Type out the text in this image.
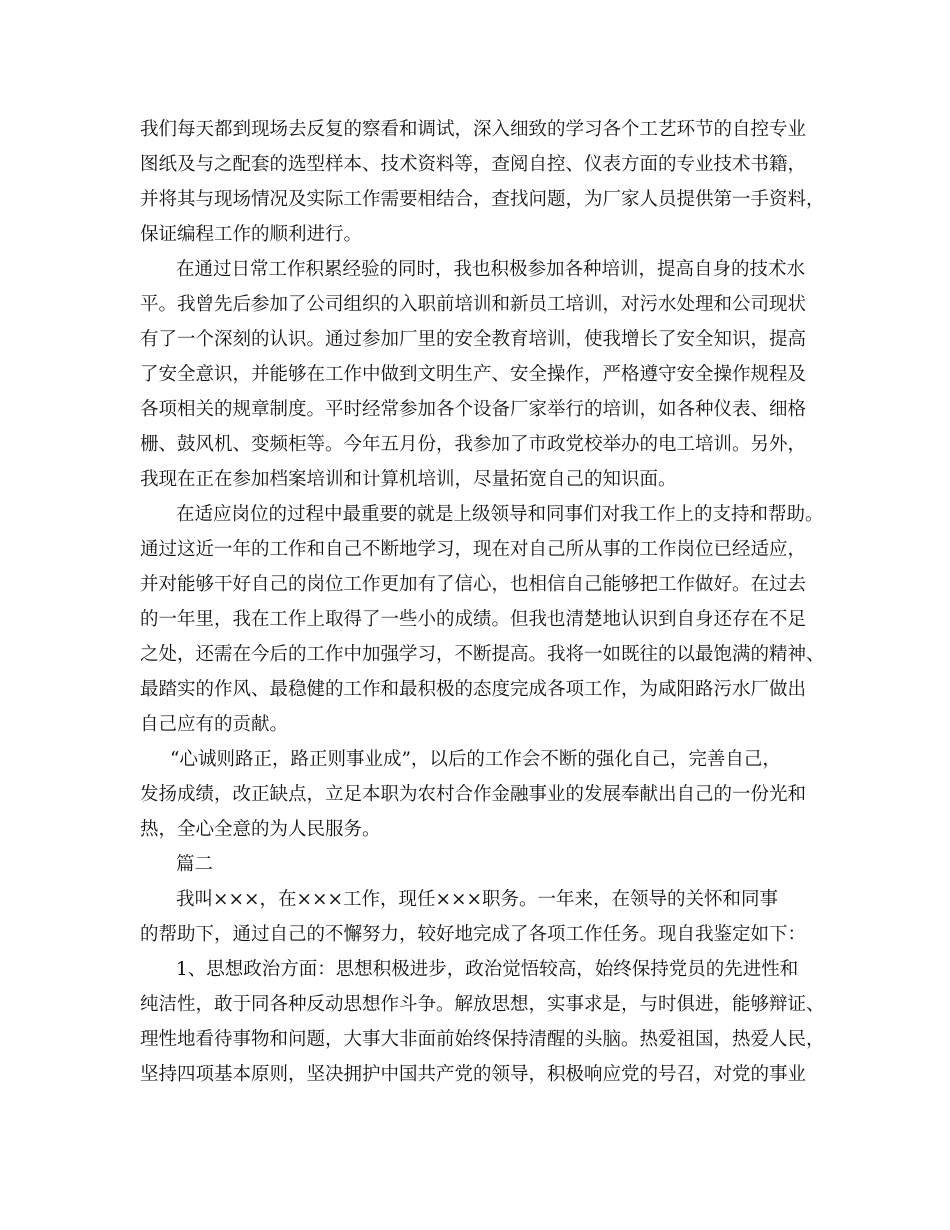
我们每天都到现场去反复的察看和调试，深入细致的学习各个工艺环节的自控专业
图纸及与之配套的选型样本、技术资料等，查阅自控、仪表方面的专业技术书籍，
并将其与现场情况及实际工作需要相结合，查找问题，为厂家人员提供第一手资料，
保证编程工作的顺利进行。
在通过日常工作积累经验的同时，我也积极参加各种培训，提高自身的技术水
平。我曾先后参加了公司组织的入职前培训和新员工培训，对污水处理和公司现状
有了一个深刻的认识。通过参加厂里的安全教育培训，使我增长了安全知识，提高
了安全意识，并能够在工作中做到文明生产、安全操作，严格遵守安全操作规程及
各项相关的规章制度。平时经常参加各个设备厂家举行的培训，如各种仪表、细格
栅、鼓风机、变频柜等。今年五月份，我参加了市政党校举办的电工培训。另外，
我现在正在参加档案培训和计算机培训，尽量拓宽自己的知识面。
在适应岗位的过程中最重要的就是上级领导和同事们对我工作上的支持和帮助。
通过这近一年的工作和自己不断地学习，现在对自己所从事的工作岗位已经适应，
并对能够干好自己的岗位工作更加有了信心，也相信自己能够把工作做好。在过去
的一年里，我在工作上取得了一些小的成绩。但我也清楚地认识到自身还存在不足
之处，还需在今后的工作中加强学习，不断提高。我将一如既往的以最饱满的精神、
最踏实的作风、最稳健的工作和最积极的态度完成各项工作，为咸阳路污水厂做出
自己应有的贡献。
“心诚则路正，路正则事业成”，以后的工作会不断的强化自己，完善自己，
发扬成绩，改正缺点，立足本职为农村合作金融事业的发展奉献出自己的一份光和
热，全心全意的为人民服务。
篇二
我叫×××，在×××工作，现任×××职务。一年来，在领导的关怀和同事
的帮助下，通过自己的不懈努力，较好地完成了各项工作任务。现自我鉴定如下：
1、思想政治方面：思想积极进步，政治觉悟较高，始终保持党员的先进性和
纯洁性，敢于同各种反动思想作斗争。解放思想，实事求是，与时俱进，能够辩证、
理性地看待事物和问题，大事大非面前始终保持清醒的头脑。热爱祖国，热爱人民，
坚持四项基本原则，坚决拥护中国共产党的领导，积极响应党的号召，对党的事业
